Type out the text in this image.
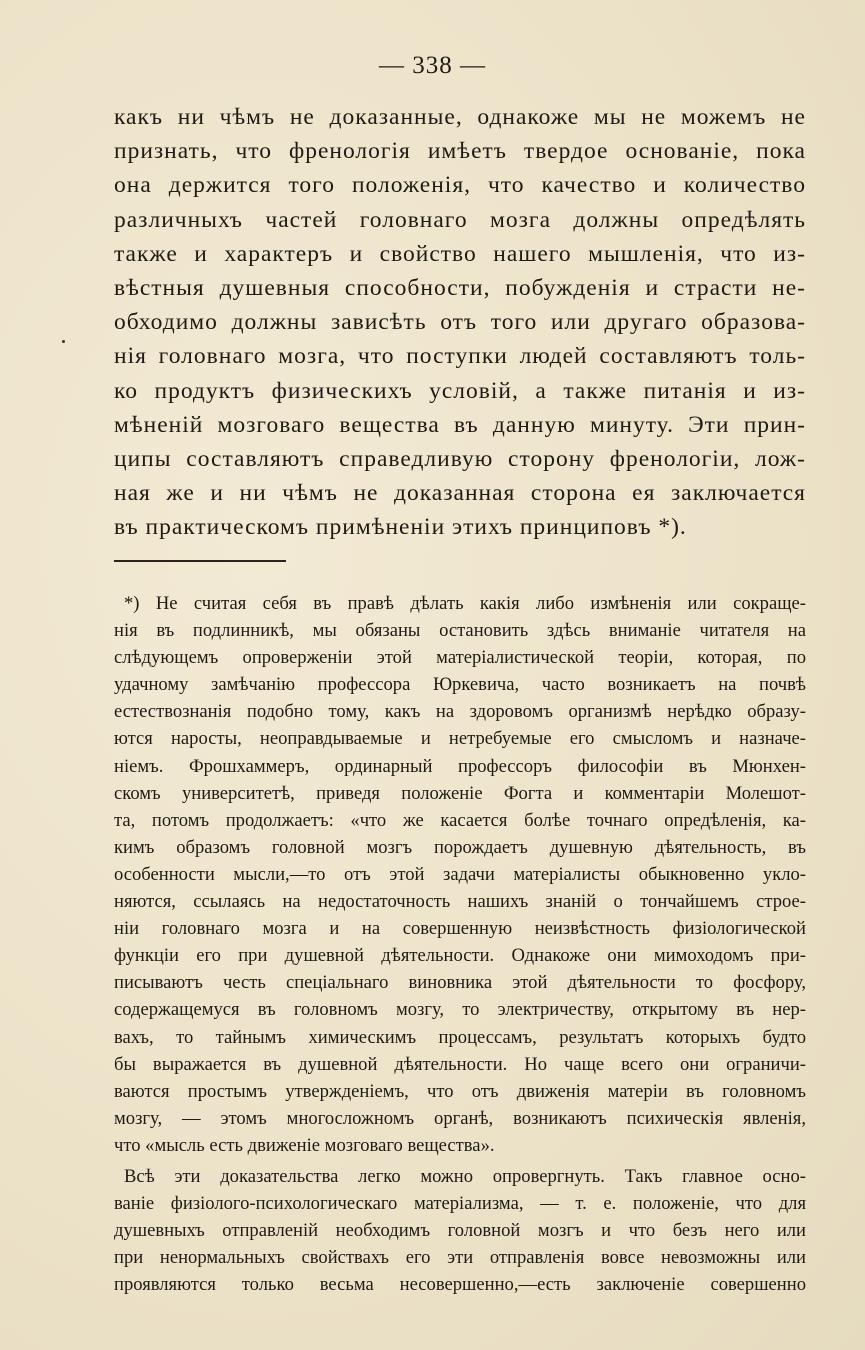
— 338 —
какъ ни чѣмъ не доказанные, однакоже мы не можемъ не
признать, что френологія имѣетъ твердое основаніе, пока
она держится того положенія, что качество и количество
различныхъ частей головнаго мозга должны опредѣлять
также и характеръ и свойство нашего мышленія, что из-
вѣстныя душевныя способности, побужденія и страсти не-
обходимо должны зависѣть отъ того или другаго образова-
нія головнаго мозга, что поступки людей составляютъ толь-
ко продуктъ физическихъ условій, а также питанія и из-
мѣненій мозговаго вещества въ данную минуту. Эти прин-
ципы составляютъ справедливую сторону френологіи, лож-
ная же и ни чѣмъ не доказанная сторона ея заключается
въ практическомъ примѣненіи этихъ принциповъ *).
*) Не считая себя въ правѣ дѣлать какія либо измѣненія или сокраще-
нія въ подлинникѣ, мы обязаны остановить здѣсь вниманіе читателя на
слѣдующемъ опроверженіи этой матеріалистической теоріи, которая, по
удачному замѣчанію профессора Юркевича, часто возникаетъ на почвѣ
естествознанія подобно тому, какъ на здоровомъ организмѣ нерѣдко образу-
ются наросты, неоправдываемые и нетребуемые его смысломъ и назначе-
ніемъ. Фрошхаммеръ, ординарный профессоръ философіи въ Мюнхен-
скомъ университетѣ, приведя положеніе Фогта и комментаріи Молешот-
та, потомъ продолжаетъ: «что же касается болѣе точнаго опредѣленія, ка-
кимъ образомъ головной мозгъ порождаетъ душевную дѣятельность, въ
особенности мысли,—то отъ этой задачи матеріалисты обыкновенно укло-
няются, ссылаясь на недостаточность нашихъ знаній о тончайшемъ строе-
ніи головнаго мозга и на совершенную неизвѣстность физіологической
функціи его при душевной дѣятельности. Однакоже они мимоходомъ при-
писываютъ честь спеціальнаго виновника этой дѣятельности то фосфору,
содержащемуся въ головномъ мозгу, то электричеству, открытому въ нер-
вахъ, то тайнымъ химическимъ процессамъ, результатъ которыхъ будто
бы выражается въ душевной дѣятельности. Но чаще всего они ограничи-
ваются простымъ утвержденіемъ, что отъ движенія матеріи въ головномъ
мозгу, — этомъ многосложномъ органѣ, возникаютъ психическія явленія,
что «мысль есть движеніе мозговаго вещества».
Всѣ эти доказательства легко можно опровергнуть. Такъ главное осно-
ваніе физіолого-психологическаго матеріализма, — т. е. положеніе, что для
душевныхъ отправленій необходимъ головной мозгъ и что безъ него или
при ненормальныхъ свойствахъ его эти отправленія вовсе невозможны или
проявляются только весьма несовершенно,—есть заключеніе совершенно
